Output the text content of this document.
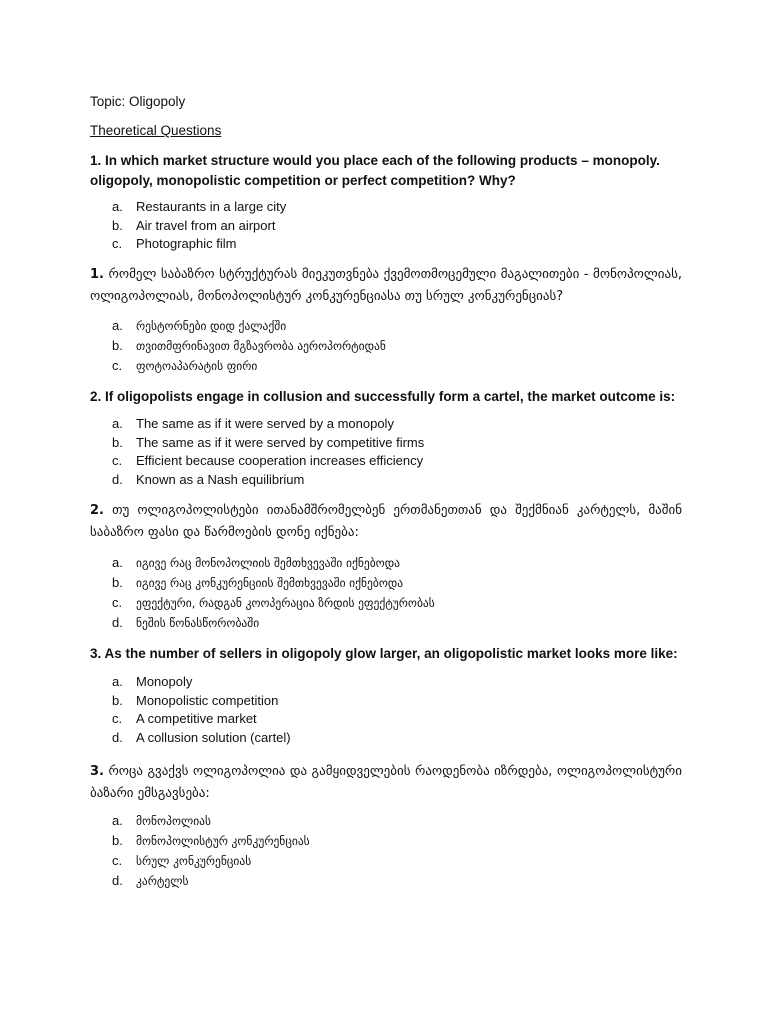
Topic: Oligopoly
Theoretical Questions
1. In which market structure would you place each of the following products – monopoly. oligopoly, monopolistic competition or perfect competition? Why?
a. Restaurants in a large city
b. Air travel from an airport
c. Photographic film
1. რომელ საბაზრო სტრუქტურას მიეკუთვნება ქვემოთმოცემული მაგალითები - მონოპოლიას, ოლიგოპოლიას, მონოპოლისტურ კონკურენციასა თუ სრულ კონკურენციას?
a. რესტორნები დიდ ქალაქში
b. თვითმფრინავით მგზავრობა აეროპორტიდან
c. ფოტოაპარატის ფირი
2. If oligopolists engage in collusion and successfully form a cartel, the market outcome is:
a. The same as if it were served by a monopoly
b. The same as if it were served by competitive firms
c. Efficient because cooperation increases efficiency
d. Known as a Nash equilibrium
2. თუ ოლიგოპოლისტები ითანამშრომელბენ ერთმანეთთან და შექმნიან კარტელს, მაშინ საბაზრო ფასი და წარმოების დონე იქნება:
a. იგივე რაც მონოპოლიის შემთხვევაში იქნებოდა
b. იგივე რაც კონკურენციის შემთხვევაში იქნებოდა
c. ეფექტური, რადგან კოოპერაცია ზრდის ეფექტურობას
d. ნეშის წონასწორობაში
3. As the number of sellers in oligopoly glow larger, an oligopolistic market looks more like:
a. Monopoly
b. Monopolistic competition
c. A competitive market
d. A collusion solution (cartel)
3. როცა გვაქვს ოლიგოპოლია და გამყიდველების რაოდენობა იზრდება, ოლიგოპოლისტური ბაზარი ემსგავსება:
a. მონოპოლიას
b. მონოპოლისტურ კონკურენციას
c. სრულ კონკურენციას
d. კარტელს
